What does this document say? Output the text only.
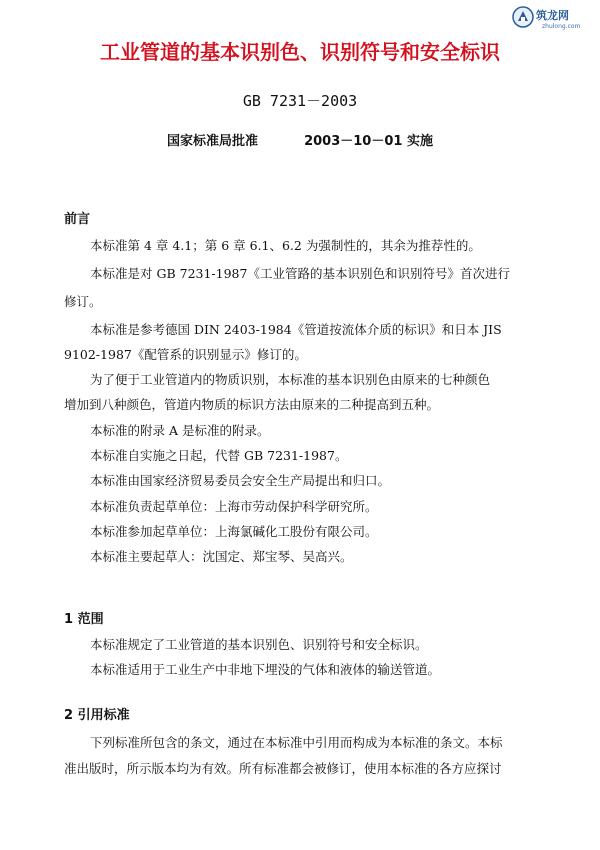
筑龙网
zhulong.com
工业管道的基本识别色、识别符号和安全标识
GB 7231－2003
国家标准局批准	2003－10－01 实施
前言
本标准第 4 章 4.1；第 6 章 6.1、6.2 为强制性的，其余为推荐性的。
本标准是对 GB 7231-1987《工业管路的基本识别色和识别符号》首次进行
修订。
本标准是参考德国 DIN 2403-1984《管道按流体介质的标识》和日本 JIS
9102-1987《配管系的识别显示》修订的。
为了便于工业管道内的物质识别，本标准的基本识别色由原来的七种颜色
增加到八种颜色，管道内物质的标识方法由原来的二种提高到五种。
本标准的附录 A 是标准的附录。
本标准自实施之日起，代替 GB 7231-1987。
本标准由国家经济贸易委员会安全生产局提出和归口。
本标准负责起草单位：上海市劳动保护科学研究所。
本标准参加起草单位：上海氯碱化工股份有限公司。
本标准主要起草人：沈国定、郑宝琴、吴高兴。
1 范围
本标准规定了工业管道的基本识别色、识别符号和安全标识。
本标准适用于工业生产中非地下埋没的气体和液体的输送管道。
2 引用标准
下列标准所包含的条文，通过在本标准中引用而构成为本标准的条文。本标
准出版时，所示版本均为有效。所有标准都会被修订，使用本标准的各方应探讨
